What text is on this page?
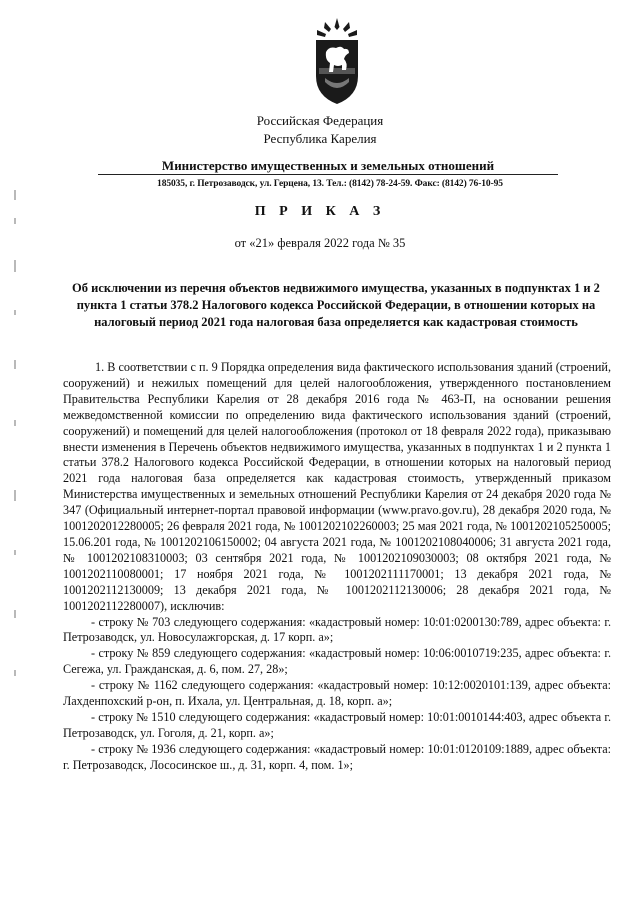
Российская Федерация
Республика Карелия
Министерство имущественных и земельных отношений
185035, г. Петрозаводск, ул. Герцена, 13. Тел.: (8142) 78-24-59. Факс: (8142) 76-10-95
П Р И К А З
от «21» февраля 2022 года № 35
Об исключении из перечня объектов недвижимого имущества, указанных в подпунктах 1 и 2 пункта 1 статьи 378.2 Налогового кодекса Российской Федерации, в отношении которых на налоговый период 2021 года налоговая база определяется как кадастровая стоимость

1. В соответствии с п. 9 Порядка определения вида фактического использования зданий (строений, сооружений) и нежилых помещений для целей налогообложения, утвержденного постановлением Правительства Республики Карелия от 28 декабря 2016 года № 463-П, на основании решения межведомственной комиссии по определению вида фактического использования зданий (строений, сооружений) и помещений для целей налогообложения (протокол от 18 февраля 2022 года), приказываю внести изменения в Перечень объектов недвижимого имущества, указанных в подпунктах 1 и 2 пункта 1 статьи 378.2 Налогового кодекса Российской Федерации, в отношении которых на налоговый период 2021 года налоговая база определяется как кадастровая стоимость, утвержденный приказом Министерства имущественных и земельных отношений Республики Карелия от 24 декабря 2020 года № 347 (Официальный интернет-портал правовой информации (www.pravo.gov.ru), 28 декабря 2020 года, № 1001202012280005; 26 февраля 2021 года, № 1001202102260003; 25 мая 2021 года, № 1001202105250005; 15.06.201 года, № 1001202106150002; 04 августа 2021 года, № 1001202108040006; 31 августа 2021 года, № 1001202108310003; 03 сентября 2021 года, № 1001202109030003; 08 октября 2021 года, № 1001202110080001; 17 ноября 2021 года, № 1001202111170001; 13 декабря 2021 года, № 1001202112130009; 13 декабря 2021 года, № 1001202112130006; 28 декабря 2021 года, № 1001202112280007), исключив:

- строку № 703 следующего содержания: «кадастровый номер: 10:01:0200130:789, адрес объекта: г. Петрозаводск, ул. Новосулажгорская, д. 17 корп. а»;

- строку № 859 следующего содержания: «кадастровый номер: 10:06:0010719:235, адрес объекта: г. Сегежа, ул. Гражданская, д. 6, пом. 27, 28»;

- строку № 1162 следующего содержания: «кадастровый номер: 10:12:0020101:139, адрес объекта: Лахденпохский р-он, п. Ихала, ул. Центральная, д. 18, корп. а»;

- строку № 1510 следующего содержания: «кадастровый номер: 10:01:0010144:403, адрес объекта г. Петрозаводск, ул. Гоголя, д. 21, корп. а»;

- строку № 1936 следующего содержания: «кадастровый номер: 10:01:0120109:1889, адрес объекта: г. Петрозаводск, Лососинское ш., д. 31, корп. 4, пом. 1»;
